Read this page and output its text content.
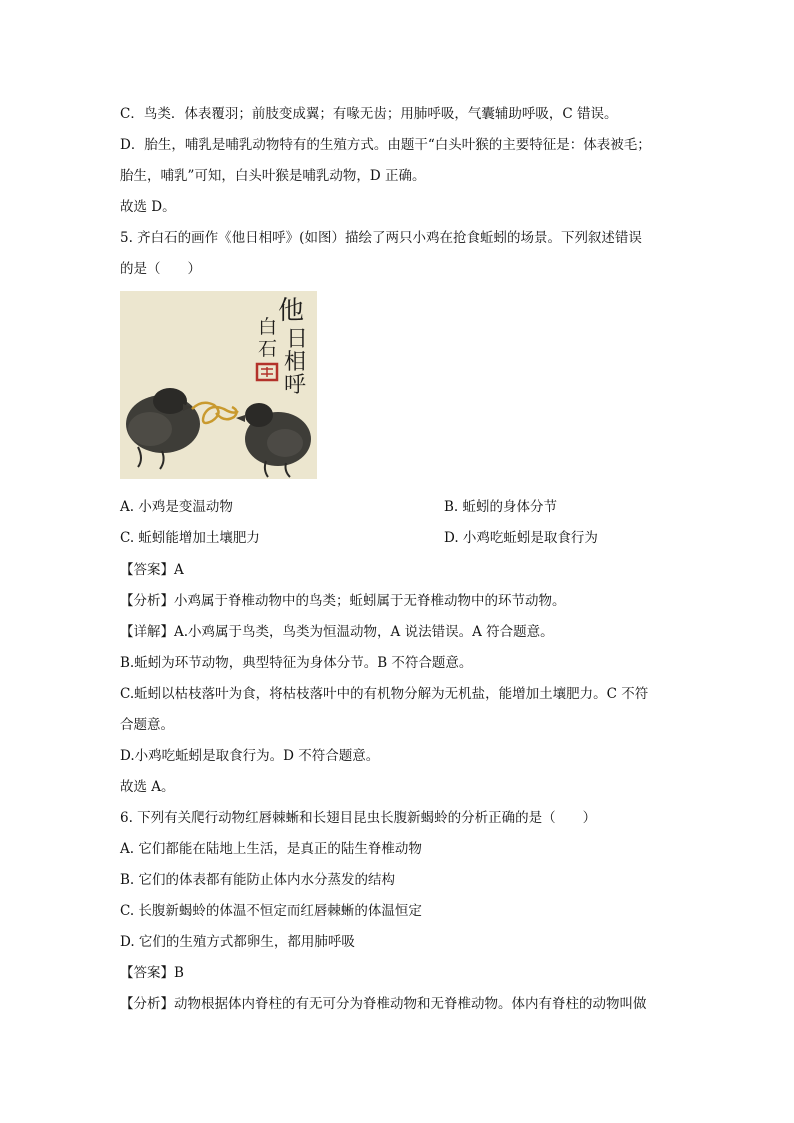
C．鸟类．体表覆羽；前肢变成翼；有喙无齿；用肺呼吸，气囊辅助呼吸，C 错误。
D．胎生，哺乳是哺乳动物特有的生殖方式。由题干“白头叶猴的主要特征是：体表被毛；
胎生，哺乳”可知，白头叶猴是哺乳动物，D 正确。
故选 D。
5. 齐白石的画作《他日相呼》(如图）描绘了两只小鸡在抢食蚯蚓的场景。下列叙述错误
的是（　　）
他
日
相
呼
白
石
A. 小鸡是变温动物	B. 蚯蚓的身体分节
C. 蚯蚓能增加土壤肥力	D. 小鸡吃蚯蚓是取食行为
【答案】A
【分析】小鸡属于脊椎动物中的鸟类；蚯蚓属于无脊椎动物中的环节动物。
【详解】A.小鸡属于鸟类，鸟类为恒温动物，A 说法错误。A 符合题意。
B.蚯蚓为环节动物，典型特征为身体分节。B 不符合题意。
C.蚯蚓以枯枝落叶为食，将枯枝落叶中的有机物分解为无机盐，能增加土壤肥力。C 不符
合题意。
D.小鸡吃蚯蚓是取食行为。D 不符合题意。
故选 A。
6. 下列有关爬行动物红唇棘蜥和长翅目昆虫长腹新蝎蛉的分析正确的是（　　）
A. 它们都能在陆地上生活，是真正的陆生脊椎动物
B. 它们的体表都有能防止体内水分蒸发的结构
C. 长腹新蝎蛉的体温不恒定而红唇棘蜥的体温恒定
D. 它们的生殖方式都卵生，都用肺呼吸
【答案】B
【分析】动物根据体内脊柱的有无可分为脊椎动物和无脊椎动物。体内有脊柱的动物叫做
